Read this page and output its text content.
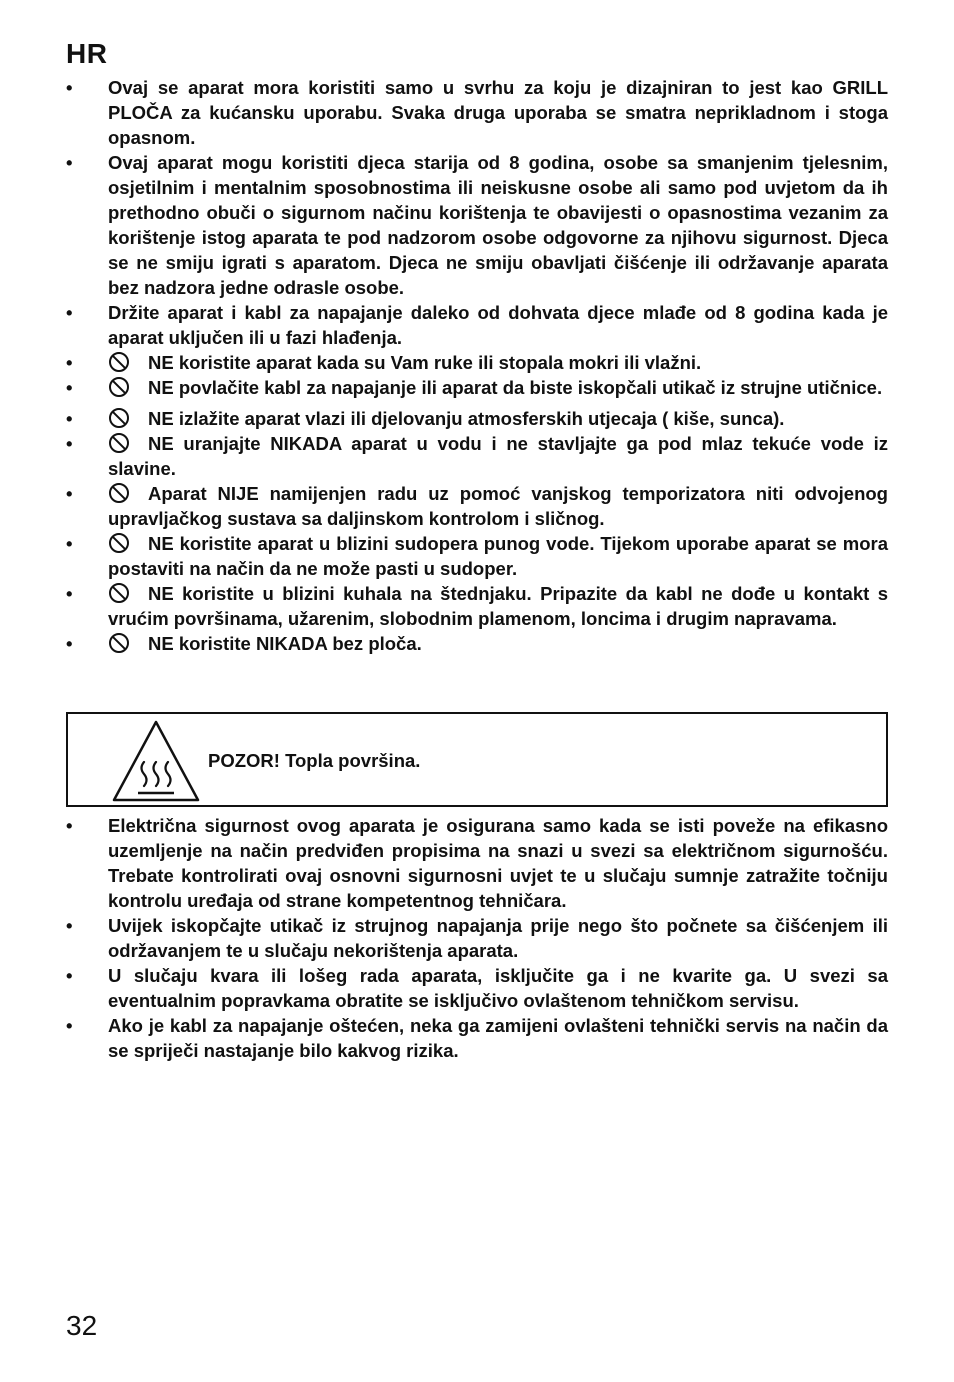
HR
• Ovaj se aparat mora koristiti samo u svrhu za koju je dizajniran to jest kao GRILL PLOČA za kućansku uporabu. Svaka druga uporaba se smatra neprikladnom i stoga opasnom.
• Ovaj aparat mogu koristiti djeca starija od 8 godina, osobe sa smanjenim tjelesnim, osjetilnim i mentalnim sposobnostima ili neiskusne osobe ali samo pod uvjetom da ih prethodno obuči o sigurnom načinu korištenja te obavijesti o opasnostima vezanim za korištenje istog aparata te pod nadzorom osobe odgovorne za njihovu sigurnost. Djeca se ne smiju igrati s aparatom. Djeca ne smiju obavljati čišćenje ili održavanje aparata bez nadzora jedne odrasle osobe.
• Držite aparat i kabl za napajanje daleko od dohvata djece mlađe od 8 godina kada je aparat uključen ili u fazi hlađenja.
•	NE koristite aparat kada su Vam ruke ili stopala mokri ili vlažni.
•	NE povlačite kabl za napajanje ili aparat da biste iskopčali utikač iz strujne utičnice.
•	NE izlažite aparat vlazi ili djelovanju atmosferskih utjecaja ( kiše, sunca).
•	NE uranjajte NIKADA aparat u vodu i ne stavljajte ga pod mlaz tekuće vode iz slavine.
•	Aparat NIJE namijenjen radu uz pomoć vanjskog temporizatora niti odvojenog upravljačkog sustava sa daljinskom kontrolom i sličnog.
•	NE koristite aparat u blizini sudopera punog vode. Tijekom uporabe aparat se mora postaviti na način da ne može pasti u sudoper.
•	NE koristite u blizini kuhala na štednjaku. Pripazite da kabl ne dođe u kontakt s vrućim površinama, užarenim, slobodnim plamenom, loncima i drugim napravama.
•	NE koristite NIKADA bez ploča.
POZOR! Topla površina.
• Električna sigurnost ovog aparata je osigurana samo kada se isti poveže na efikasno uzemljenje na način predviđen propisima na snazi u svezi sa električnom sigurnošću. Trebate kontrolirati ovaj osnovni sigurnosni uvjet te u slučaju sumnje zatražite točniju kontrolu uređaja od strane kompetentnog tehničara.
• Uvijek iskopčajte utikač iz strujnog napajanja prije nego što počnete sa čišćenjem ili održavanjem te u slučaju nekorištenja aparata.
• U slučaju kvara ili lošeg rada aparata, isključite ga i ne kvarite ga. U svezi sa eventualnim popravkama obratite se isključivo ovlaštenom tehničkom servisu.
• Ako je kabl za napajanje oštećen, neka ga zamijeni ovlašteni tehnički servis na način da se spriječi nastajanje bilo kakvog rizika.
32
